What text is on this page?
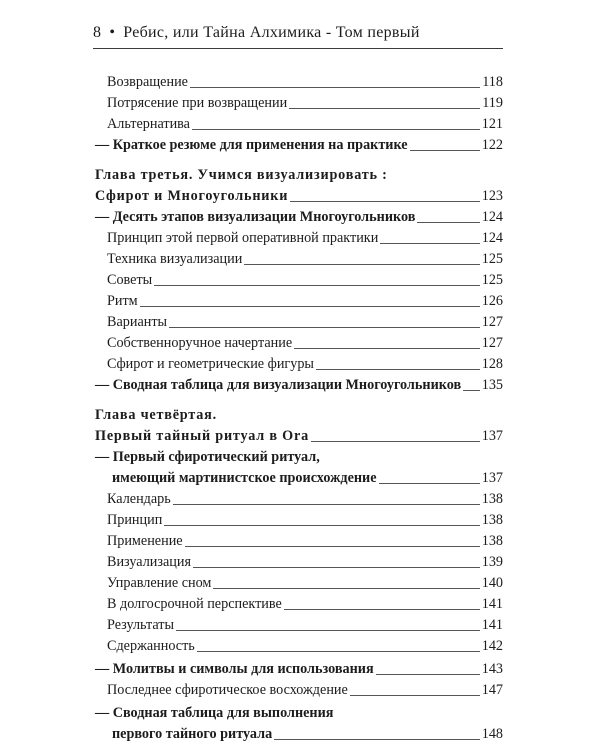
8 • Ребис, или Тайна Алхимика - Том первый
Возвращение	118
Потрясение при возвращении	119
Альтернатива	121
— Краткое резюме для применения на практике	122
Глава третья. Учимся визуализировать :
Сфирот и Многоугольники	123
— Десять этапов визуализации Многоугольников	124
Принцип этой первой оперативной практики	124
Техника визуализации	125
Советы	125
Ритм	126
Варианты	127
Собственноручное начертание	127
Сфирот и геометрические фигуры	128
— Сводная таблица для визуализации Многоугольников 135
Глава четвёртая.
Первый тайный ритуал в Ora	137
— Первый сфиротический ритуал,
имеющий мартинистское происхождение	137
Календарь	138
Принцип	138
Применение	138
Визуализация	139
Управление сном	140
В долгосрочной перспективе	141
Результаты	141
Сдержанность	142
— Молитвы и символы для использования	143
Последнее сфиротическое восхождение	147
— Сводная таблица для выполнения
первого тайного ритуала	148
